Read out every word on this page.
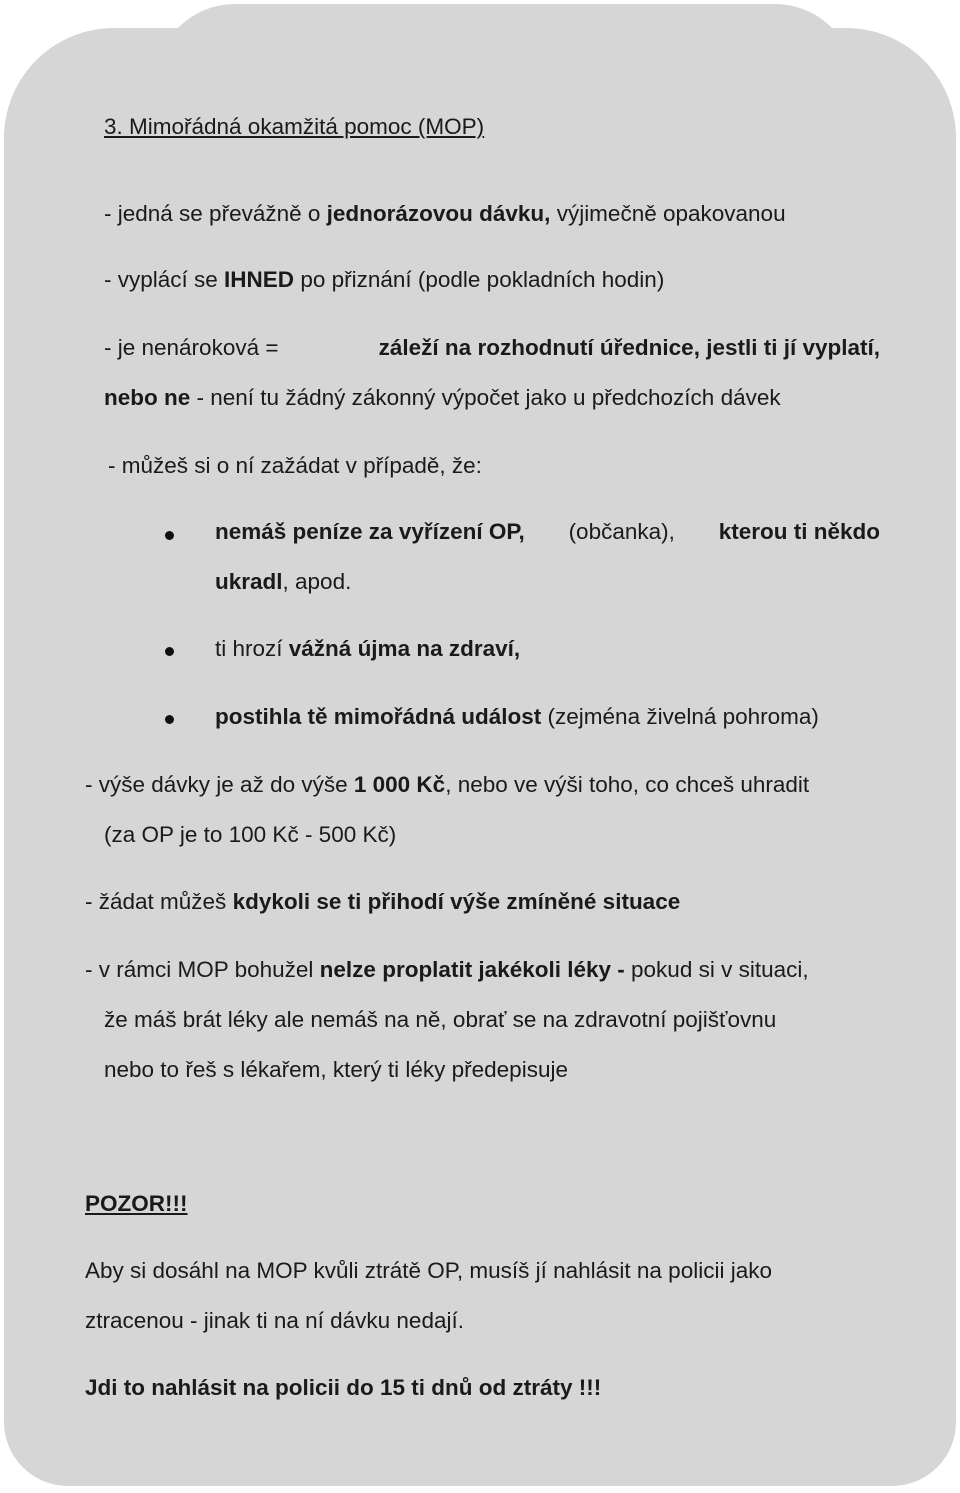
3. Mimořádná okamžitá pomoc (MOP)
- jedná se převážně o jednorázovou dávku, výjimečně opakovanou
- vyplácí se IHNED po přiznání (podle pokladních hodin)
- je nenároková =	záleží na rozhodnutí úřednice, jestli ti jí vyplatí,
nebo ne - není tu žádný zákonný výpočet jako u předchozích dávek
- můžeš si o ní zažádat v případě, že:
nemáš peníze za vyřízení OP, (občanka), kterou ti někdo
ukradl, apod.
ti hrozí vážná újma na zdraví,
postihla tě mimořádná událost (zejména živelná pohroma)
- výše dávky je až do výše 1 000 Kč, nebo ve výši toho, co chceš uhradit
(za OP je to 100 Kč - 500 Kč)
- žádat můžeš kdykoli se ti přihodí výše zmíněné situace
- v rámci MOP bohužel nelze proplatit jakékoli léky - pokud si v situaci,
že máš brát léky ale nemáš na ně, obrať se na zdravotní pojišťovnu
nebo to řeš s lékařem, který ti léky předepisuje
POZOR!!!
Aby si dosáhl na MOP kvůli ztrátě OP, musíš jí nahlásit na policii jako
ztracenou - jinak ti na ní dávku nedají.
Jdi to nahlásit na policii do 15 ti dnů od ztráty !!!
